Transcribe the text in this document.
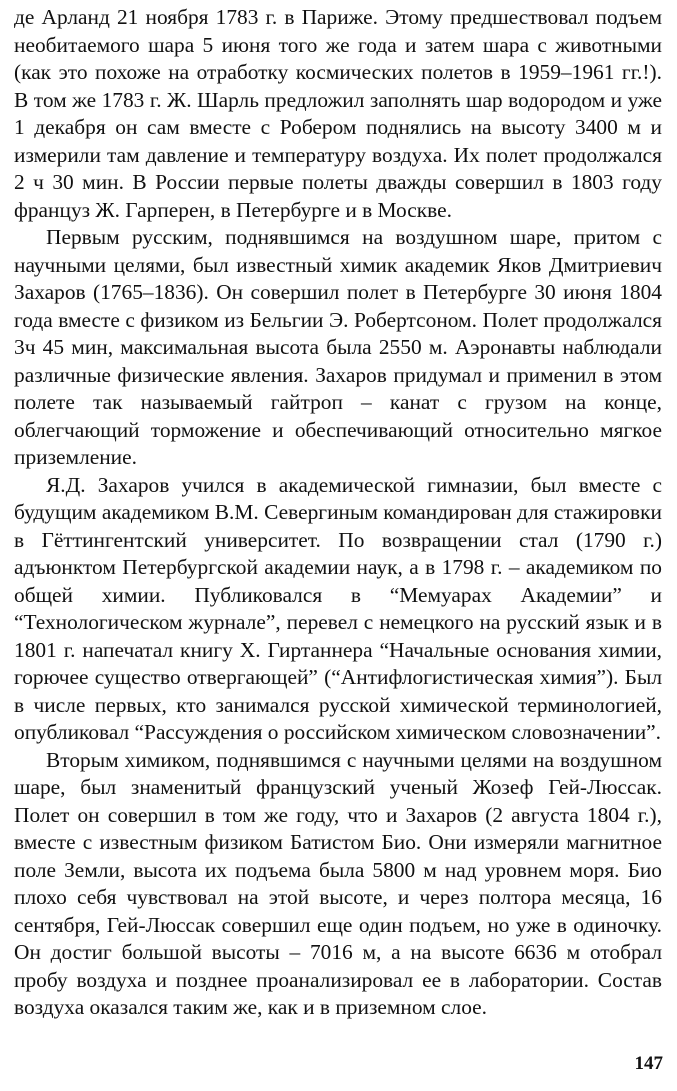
де Арланд 21 ноября 1783 г. в Париже. Этому предшествовал подъем необитаемого шара 5 июня того же года и затем шара с животными (как это похоже на отработку космических полетов в 1959–1961 гг.!). В том же 1783 г. Ж. Шарль предложил заполнять шар водородом и уже 1 декабря он сам вместе с Робером поднялись на высоту 3400 м и измерили там давление и температуру воздуха. Их полет продолжался 2 ч 30 мин. В России первые полеты дважды совершил в 1803 году француз Ж. Гарперен, в Петербурге и в Москве.

Первым русским, поднявшимся на воздушном шаре, притом с научными целями, был известный химик академик Яков Дмитриевич Захаров (1765–1836). Он совершил полет в Петербурге 30 июня 1804 года вместе с физиком из Бельгии Э. Робертсоном. Полет продолжался 3ч 45 мин, максимальная высота была 2550 м. Аэронавты наблюдали различные физические явления. Захаров придумал и применил в этом полете так называемый гайтроп – канат с грузом на конце, облегчающий торможение и обеспечивающий относительно мягкое приземление.

Я.Д. Захаров учился в академической гимназии, был вместе с будущим академиком В.М. Севергиным командирован для стажировки в Гёттингентский университет. По возвращении стал (1790 г.) адъюнктом Петербургской академии наук, а в 1798 г. – академиком по общей химии. Публиковался в “Мемуарах Академии” и “Технологическом журнале”, перевел с немецкого на русский язык и в 1801 г. напечатал книгу Х. Гиртаннера “Начальные основания химии, горючее существо отвергающей” (“Антифлогистическая химия”). Был в числе первых, кто занимался русской химической терминологией, опубликовал “Рассуждения о российском химическом словозначении”.

Вторым химиком, поднявшимся с научными целями на воздушном шаре, был знаменитый французский ученый Жозеф Гей-Люссак. Полет он совершил в том же году, что и Захаров (2 августа 1804 г.), вместе с известным физиком Батистом Био. Они измеряли магнитное поле Земли, высота их подъема была 5800 м над уровнем моря. Био плохо себя чувствовал на этой высоте, и через полтора месяца, 16 сентября, Гей-Люссак совершил еще один подъем, но уже в одиночку. Он достиг большой высоты – 7016 м, а на высоте 6636 м отобрал пробу воздуха и позднее проанализировал ее в лаборатории. Состав воздуха оказался таким же, как и в приземном слое.

147
